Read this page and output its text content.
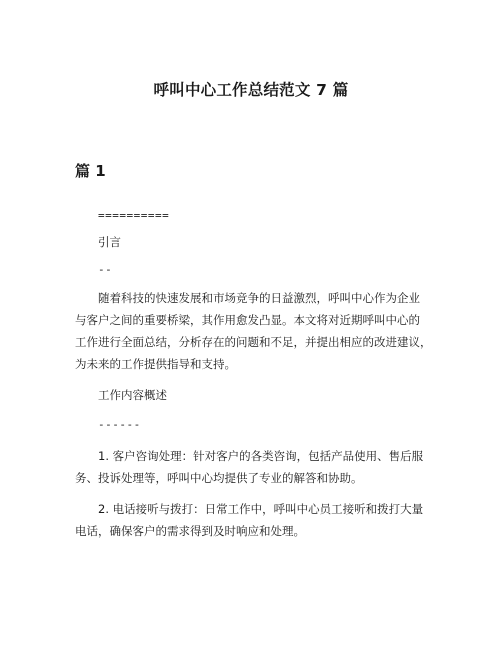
呼叫中心工作总结范文 7 篇
篇 1
==========
引言
--
随着科技的快速发展和市场竞争的日益激烈，呼叫中心作为企业
与客户之间的重要桥梁，其作用愈发凸显。本文将对近期呼叫中心的
工作进行全面总结，分析存在的问题和不足，并提出相应的改进建议，
为未来的工作提供指导和支持。
工作内容概述
------
1. 客户咨询处理：针对客户的各类咨询，包括产品使用、售后服
务、投诉处理等，呼叫中心均提供了专业的解答和协助。
2. 电话接听与拨打：日常工作中，呼叫中心员工接听和拨打大量
电话，确保客户的需求得到及时响应和处理。
